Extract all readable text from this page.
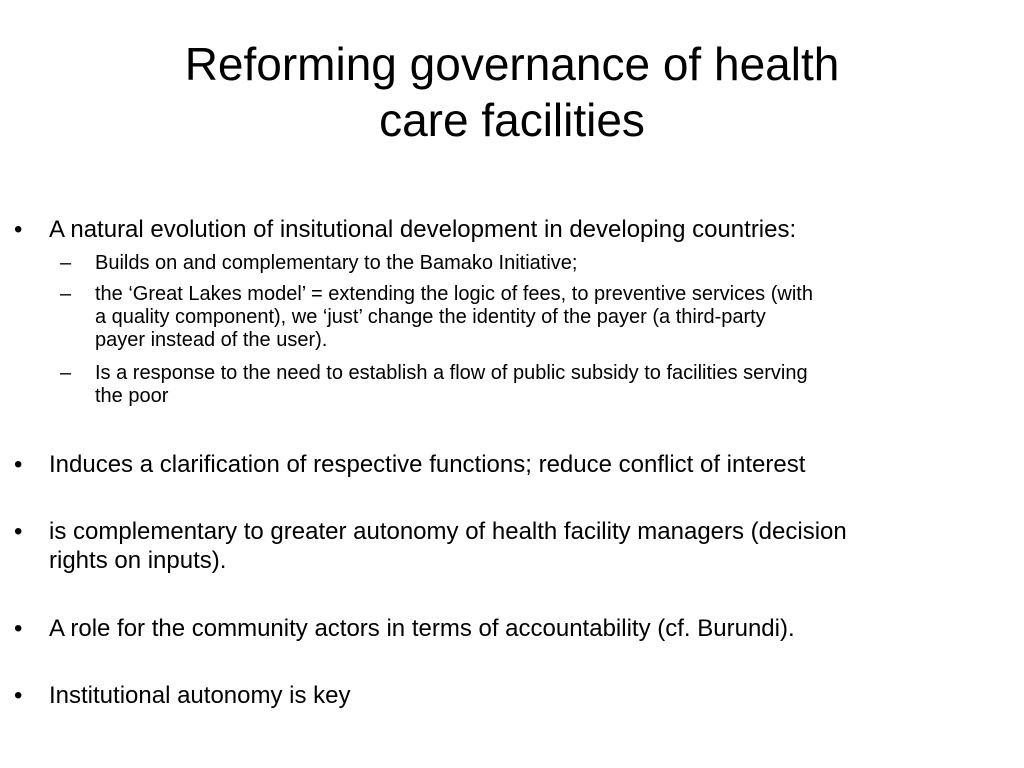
Reforming governance of health
care facilities
•	A natural evolution of insitutional development in developing countries:
–	Builds on and complementary to the Bamako Initiative;
–	the ‘Great Lakes model’ = extending the logic of fees, to preventive services (with
a quality component), we ‘just’ change the identity of the payer (a third-party
payer instead of the user).
–	Is a response to the need to establish a flow of public subsidy to facilities serving
the poor
•	Induces a clarification of respective functions; reduce conflict of interest
•	is complementary to greater autonomy of health facility managers (decision
rights on inputs).
•	A role for the community actors in terms of accountability (cf. Burundi).
•	Institutional autonomy is key
